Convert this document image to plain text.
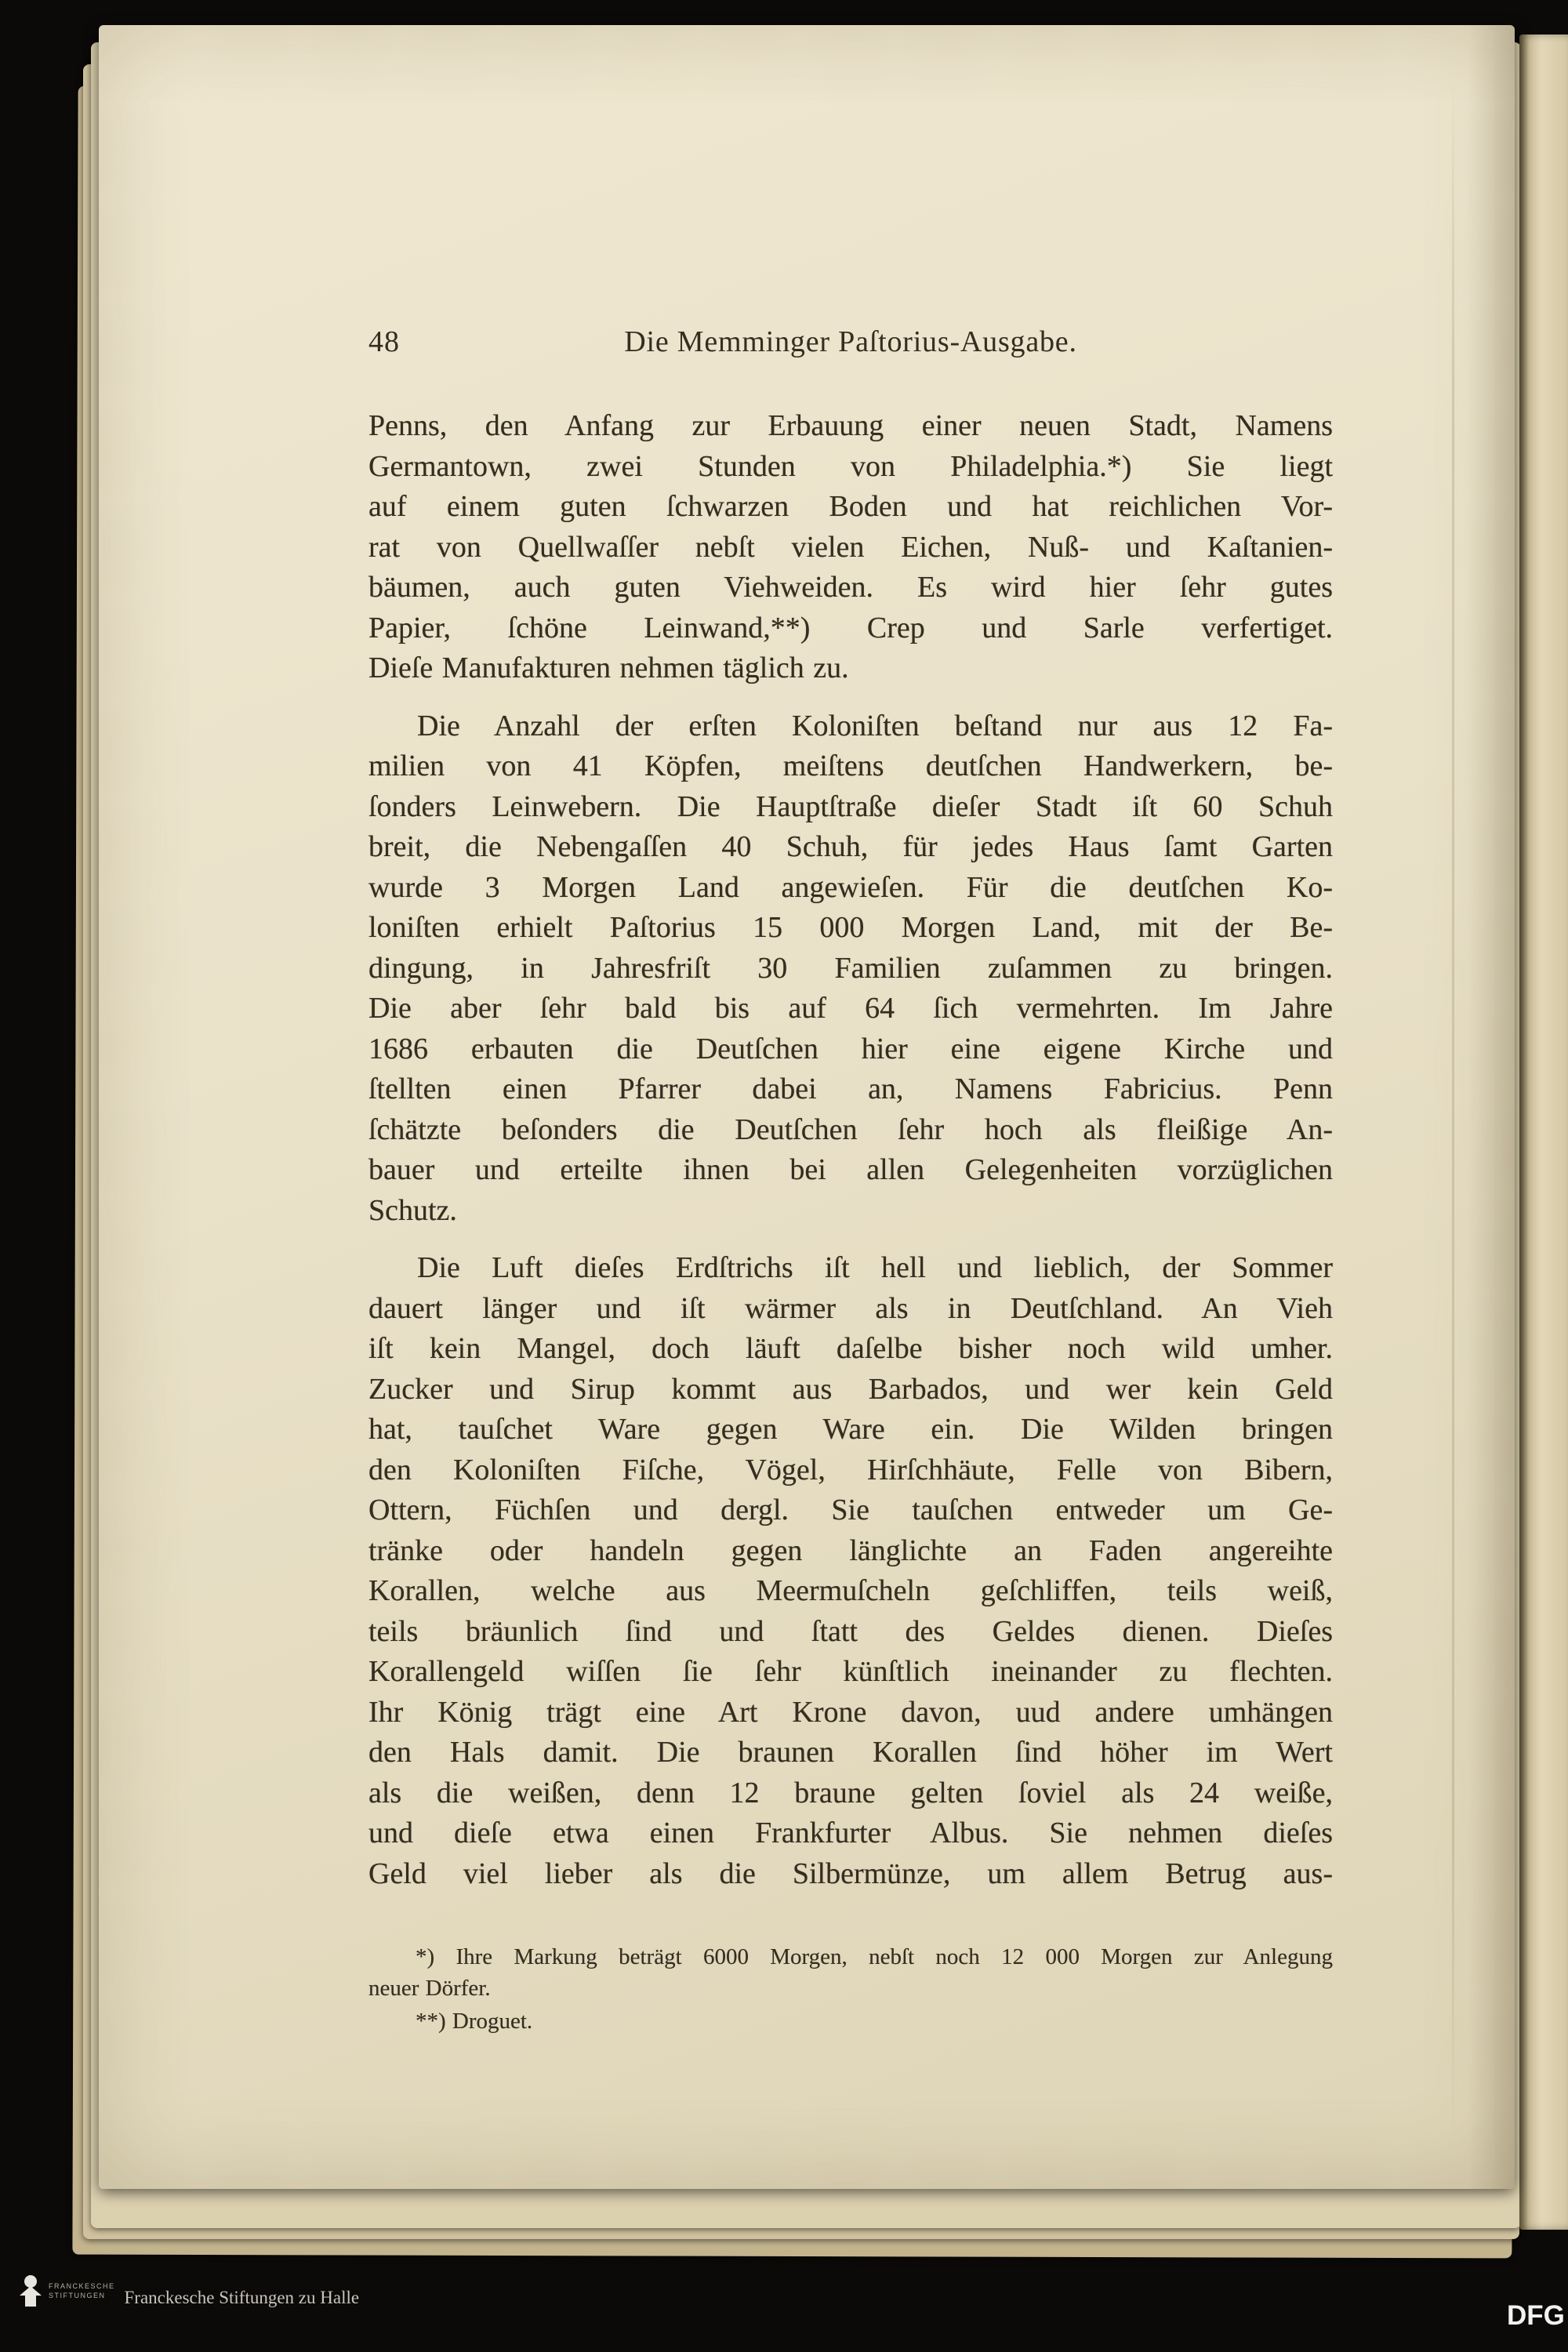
48	Die Memminger Paſtorius-Ausgabe.
Penns, den Anfang zur Erbauung einer neuen Stadt, Namens
Germantown, zwei Stunden von Philadelphia.*) Sie liegt
auf einem guten ſchwarzen Boden und hat reichlichen Vor-
rat von Quellwaſſer nebſt vielen Eichen, Nuß- und Kaſtanien-
bäumen, auch guten Viehweiden. Es wird hier ſehr gutes
Papier, ſchöne Leinwand,**) Crep und Sarle verfertiget.
Dieſe Manufakturen nehmen täglich zu.
Die Anzahl der erſten Koloniſten beſtand nur aus 12 Fa-
milien von 41 Köpfen, meiſtens deutſchen Handwerkern, be-
ſonders Leinwebern. Die Hauptſtraße dieſer Stadt iſt 60 Schuh
breit, die Nebengaſſen 40 Schuh, für jedes Haus ſamt Garten
wurde 3 Morgen Land angewieſen. Für die deutſchen Ko-
loniſten erhielt Paſtorius 15 000 Morgen Land, mit der Be-
dingung, in Jahresfriſt 30 Familien zuſammen zu bringen.
Die aber ſehr bald bis auf 64 ſich vermehrten. Im Jahre
1686 erbauten die Deutſchen hier eine eigene Kirche und
ſtellten einen Pfarrer dabei an, Namens Fabricius. Penn
ſchätzte beſonders die Deutſchen ſehr hoch als fleißige An-
bauer und erteilte ihnen bei allen Gelegenheiten vorzüglichen
Schutz.
Die Luft dieſes Erdſtrichs iſt hell und lieblich, der Sommer
dauert länger und iſt wärmer als in Deutſchland. An Vieh
iſt kein Mangel, doch läuft daſelbe bisher noch wild umher.
Zucker und Sirup kommt aus Barbados, und wer kein Geld
hat, tauſchet Ware gegen Ware ein. Die Wilden bringen
den Koloniſten Fiſche, Vögel, Hirſchhäute, Felle von Bibern,
Ottern, Füchſen und dergl. Sie tauſchen entweder um Ge-
tränke oder handeln gegen länglichte an Faden angereihte
Korallen, welche aus Meermuſcheln geſchliffen, teils weiß,
teils bräunlich ſind und ſtatt des Geldes dienen. Dieſes
Korallengeld wiſſen ſie ſehr künſtlich ineinander zu flechten.
Ihr König trägt eine Art Krone davon, uud andere umhängen
den Hals damit. Die braunen Korallen ſind höher im Wert
als die weißen, denn 12 braune gelten ſoviel als 24 weiße,
und dieſe etwa einen Frankfurter Albus. Sie nehmen dieſes
Geld viel lieber als die Silbermünze, um allem Betrug aus-
*) Ihre Markung beträgt 6000 Morgen, nebſt noch 12 000 Morgen zur Anlegung
neuer Dörfer.
**) Droguet.
FRANCKESCHE
STIFTUNGEN	Franckesche Stiftungen zu Halle
DFG
